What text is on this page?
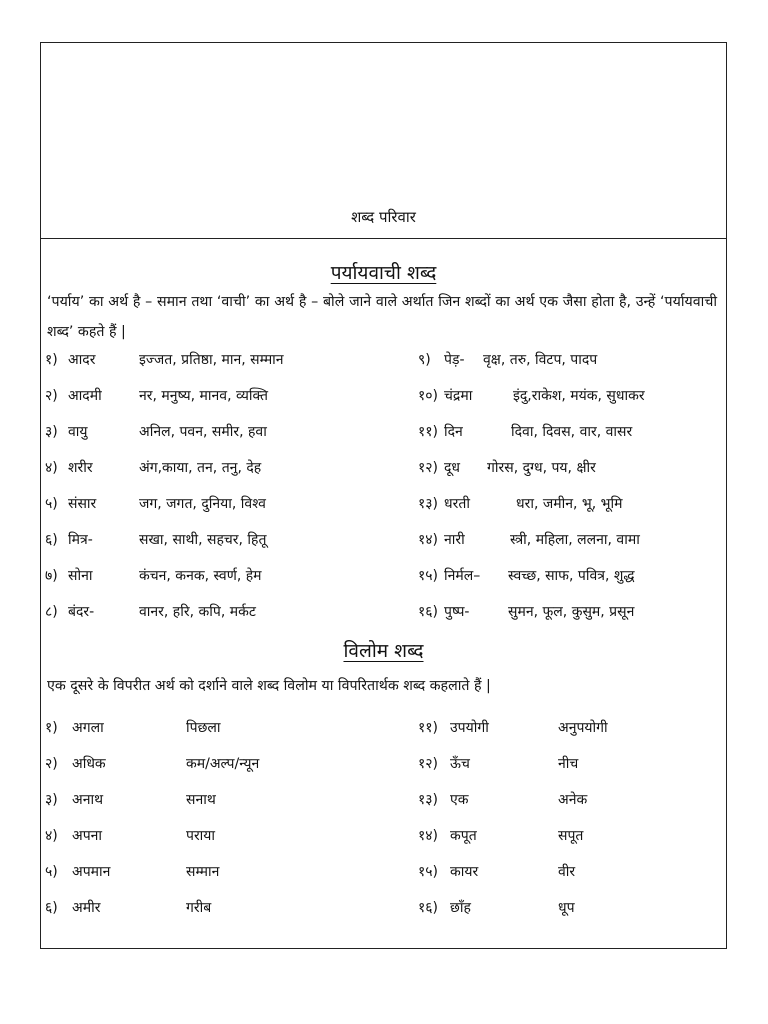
शब्द परिवार
पर्यायवाची शब्द
‘पर्याय’ का अर्थ है – समान तथा ‘वाची’ का अर्थ है – बोले जाने वाले अर्थात जिन शब्दों का अर्थ एक जैसा होता है, उन्हें ‘पर्यायवाची शब्द’ कहते हैं |
१) आदर	इज्जत, प्रतिष्ठा, मान, सम्मान
२) आदमी	नर, मनुष्य, मानव, व्यक्ति
३) वायु	अनिल, पवन, समीर, हवा
४) शरीर	अंग,काया, तन, तनु, देह
५) संसार	जग, जगत, दुनिया, विश्व
६) मित्र-	सखा, साथी, सहचर, हितू
७) सोना	कंचन, कनक, स्वर्ण, हेम
८) बंदर-	वानर, हरि, कपि, मर्कट
९) पेड़- वृक्ष, तरु, विटप, पादप
१०) चंद्रमा	इंदु,राकेश, मयंक, सुधाकर
११) दिन	दिवा, दिवस, वार, वासर
१२) दूध गोरस, दुग्ध, पय, क्षीर
१३) धरती	धरा, जमीन, भू, भूमि
१४) नारी	स्त्री, महिला, ललना, वामा
१५) निर्मल– स्वच्छ, साफ, पवित्र, शुद्ध
१६) पुष्प-	सुमन, फूल, कुसुम, प्रसून
विलोम शब्द
एक दूसरे के विपरीत अर्थ को दर्शाने वाले शब्द विलोम या विपरितार्थक शब्द कहलाते हैं |
१) अगला	पिछला
२) अधिक	कम/अल्प/न्यून
३) अनाथ	सनाथ
४) अपना	पराया
५) अपमान	सम्मान
६) अमीर	गरीब
११) उपयोगी	अनुपयोगी
१२) ऊँच	नीच
१३) एक	अनेक
१४) कपूत	सपूत
१५) कायर	वीर
१६) छाँह	धूप
